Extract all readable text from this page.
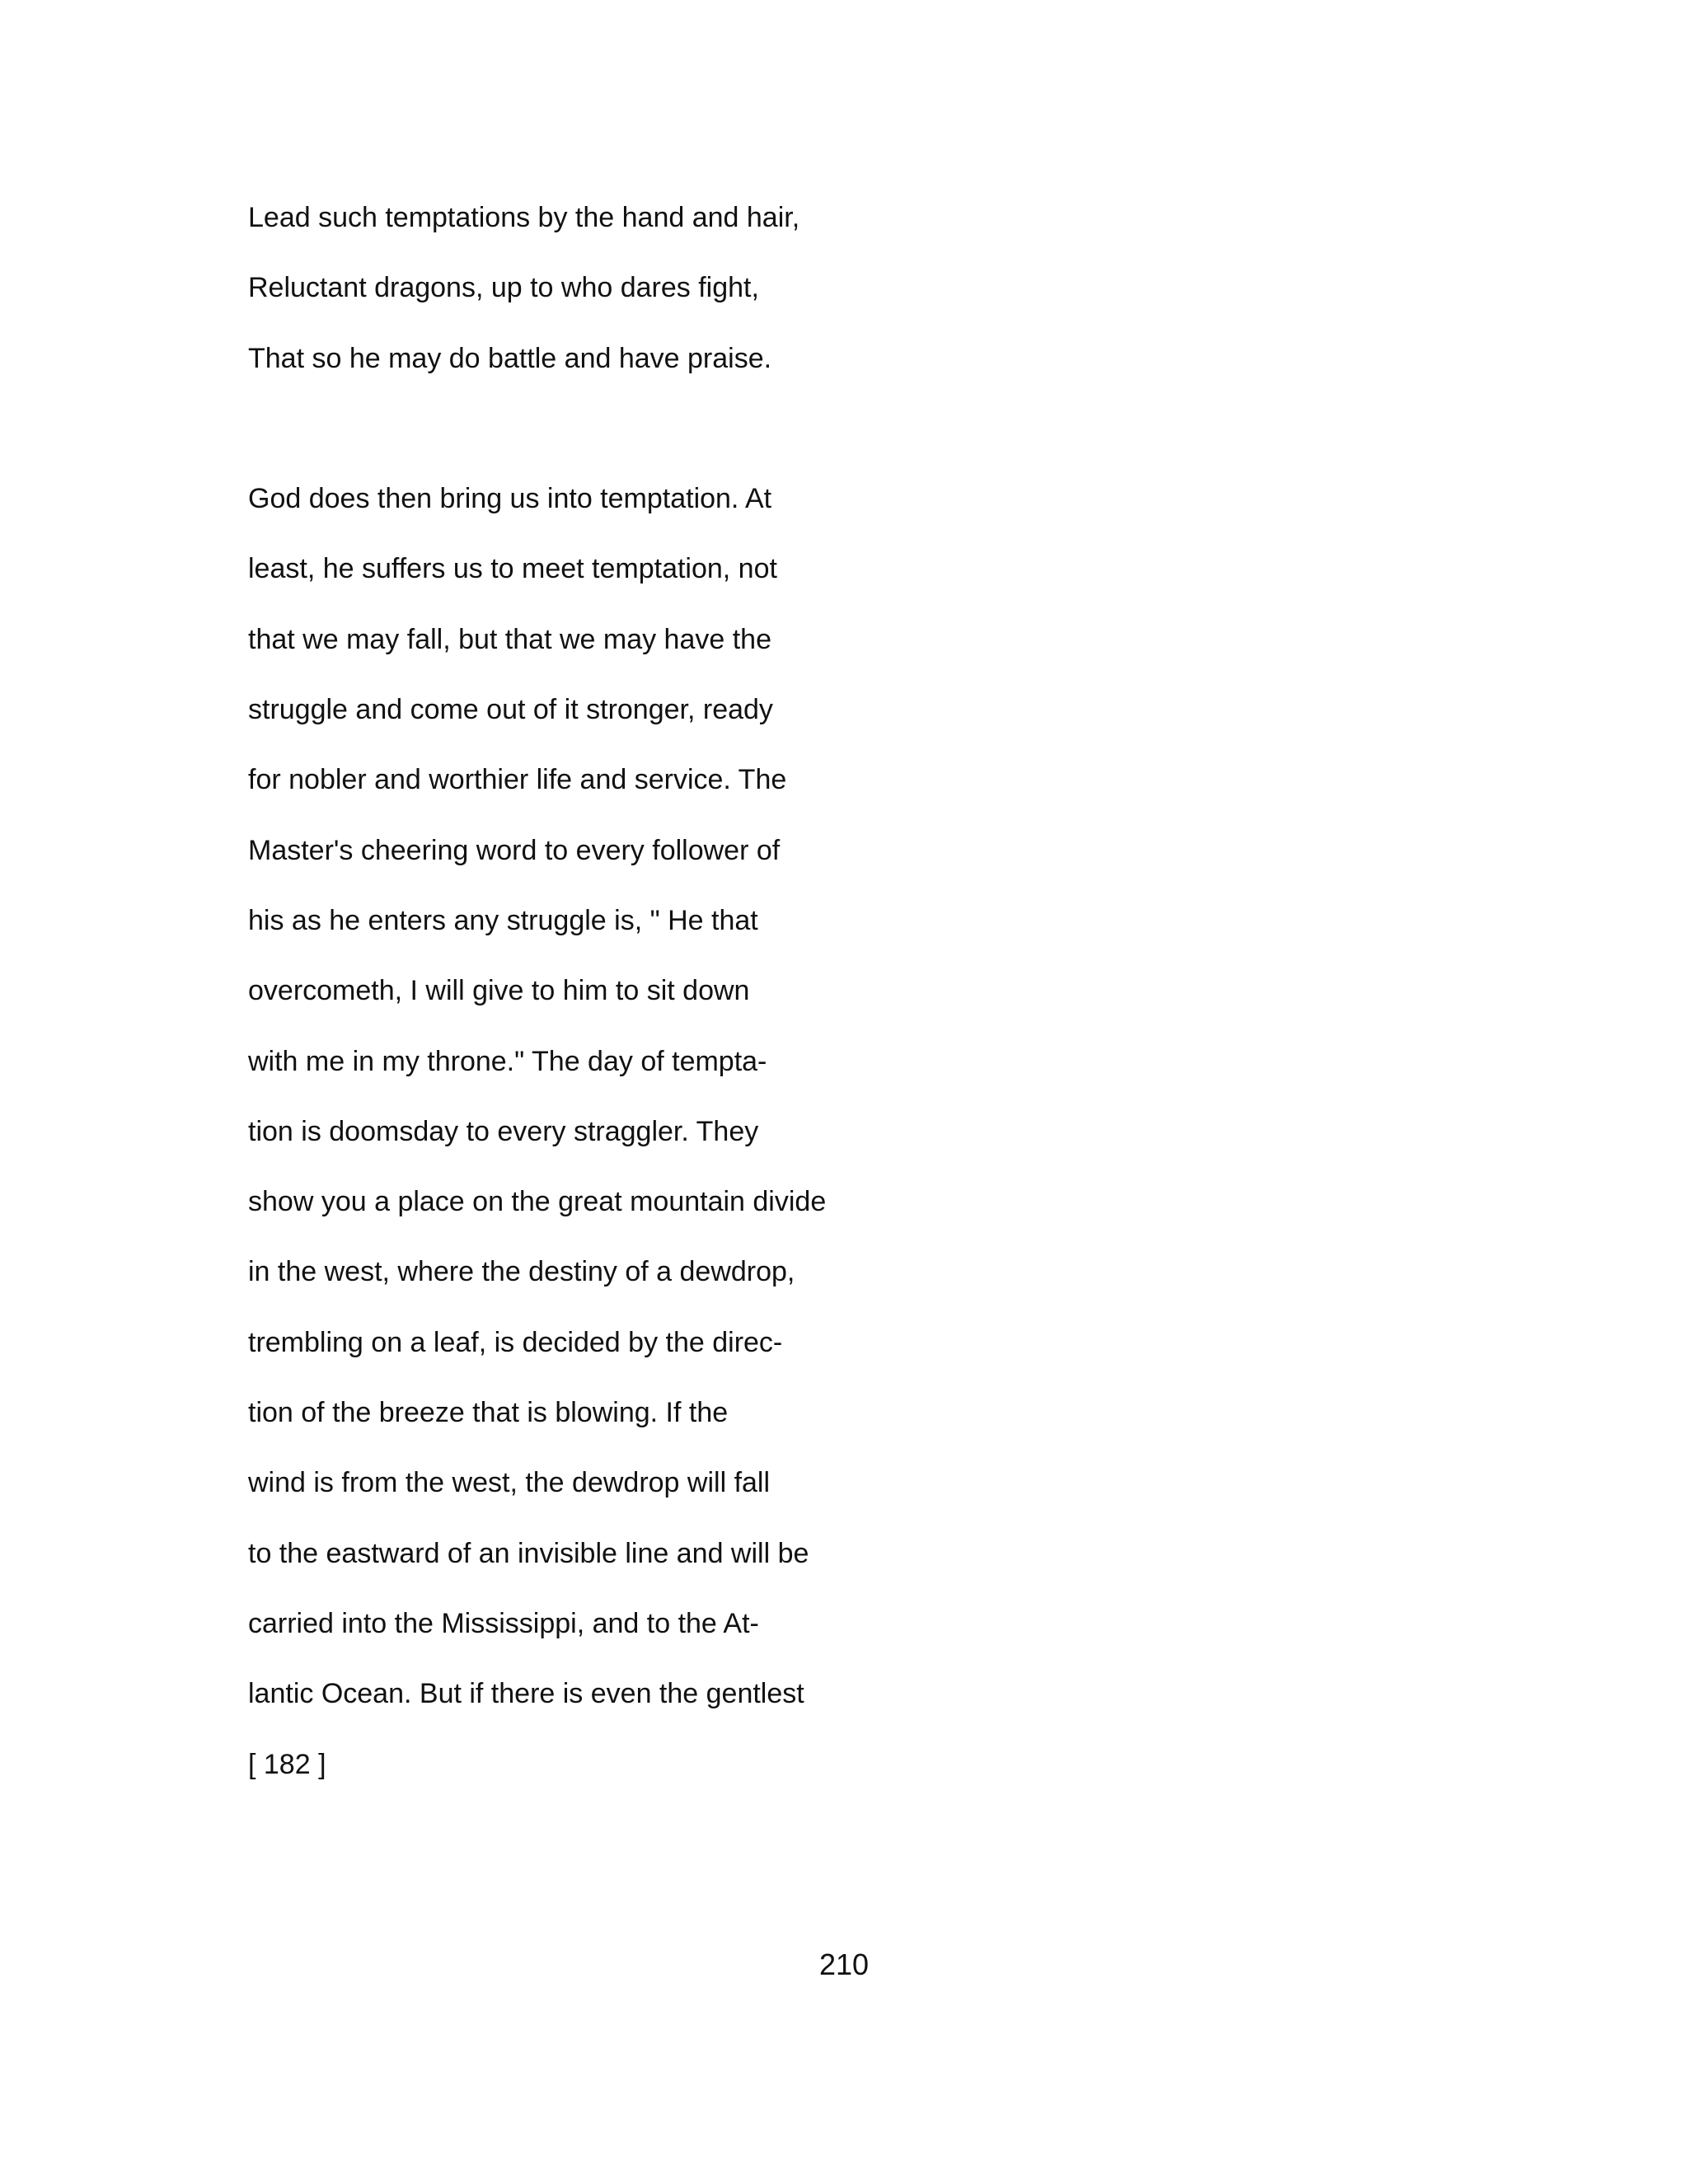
Lead such temptations by the hand and hair,
Reluctant dragons, up to who dares fight,
That so he may do battle and have praise.
God does then bring us into temptation. At
least, he suffers us to meet temptation, not
that we may fall, but that we may have the
struggle and come out of it stronger, ready
for nobler and worthier life and service. The
Master's cheering word to every follower of
his as he enters any struggle is, " He that
overcometh, I will give to him to sit down
with me in my throne." The day of tempta-
tion is doomsday to every straggler. They
show you a place on the great mountain divide
in the west, where the destiny of a dewdrop,
trembling on a leaf, is decided by the direc-
tion of the breeze that is blowing. If the
wind is from the west, the dewdrop will fall
to the eastward of an invisible line and will be
carried into the Mississippi, and to the At-
lantic Ocean. But if there is even the gentlest
[ 182 ]
210
